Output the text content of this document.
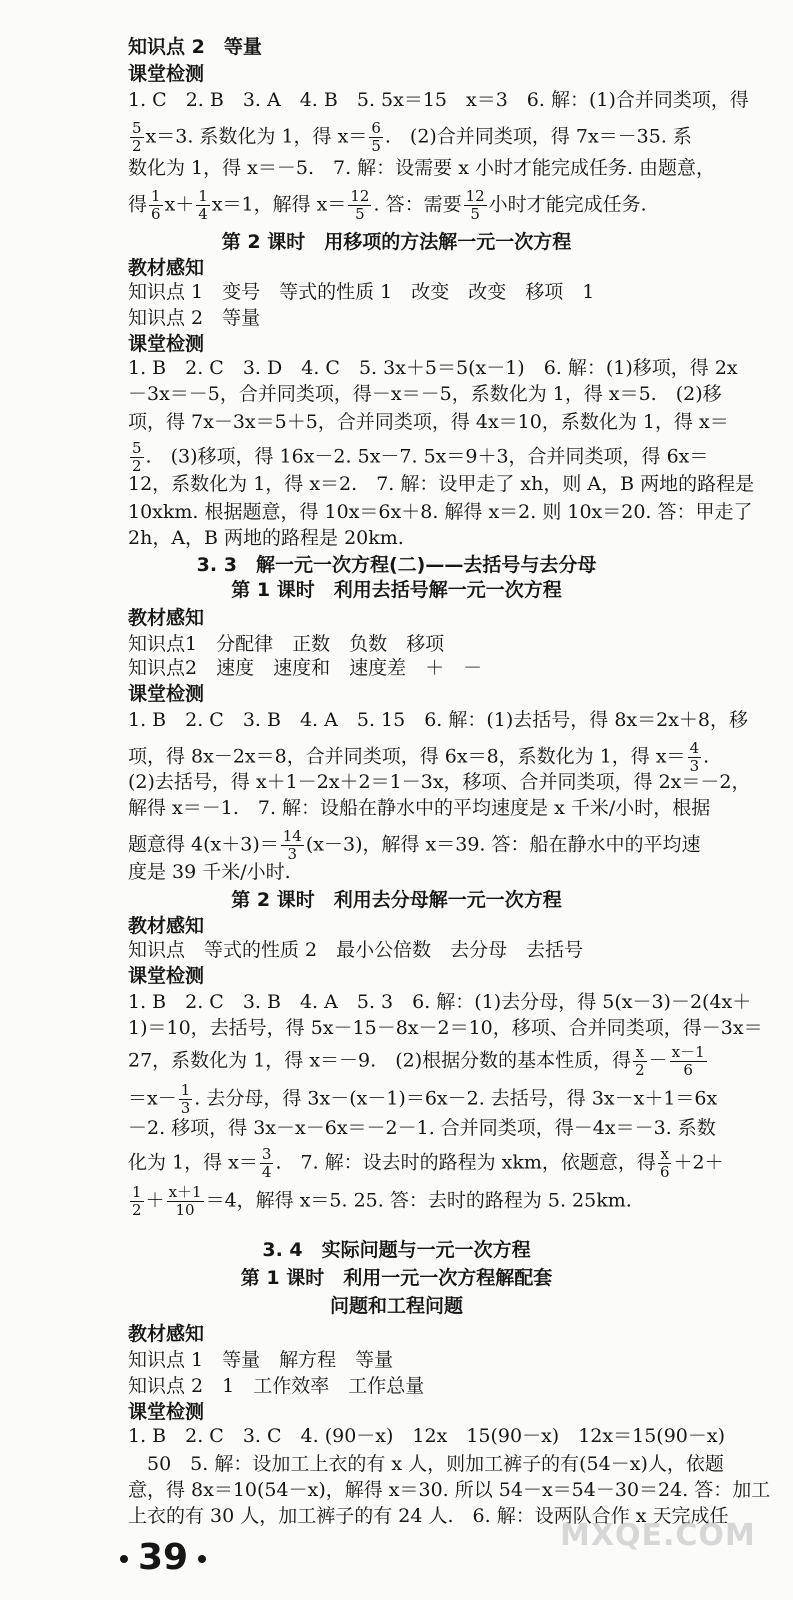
知识点 2　等量
课堂检测
1. C　2. B　3. A　4. B　5. 5x＝15　x＝3　6. 解：(1)合并同类项，得
$\frac{5}{2} x=3$. 系数化为 1，得 $x= \frac{6}{5}$ .　(2)合并同类项，得 7x＝－35. 系
数化为 1，得 x＝－5.　7. 解：设需要 x 小时才能完成任务. 由题意，
得 $\frac{1}{6} x+ \frac{1}{4} x=1$，解得 $x= \frac{12}{5}$ . 答：需要 $\frac{12}{5}$ 小时才能完成任务.
第 2 课时　用移项的方法解一元一次方程
教材感知
知识点 1　变号　等式的性质 1　改变　改变　移项　1
知识点 2　等量
课堂检测
1. B　2. C　3. D　4. C　5. 3x＋5＝5(x－1)　6. 解：(1)移项，得 2x
－3x＝－5，合并同类项，得－x＝－5，系数化为 1，得 x＝5.　(2)移
项，得 7x－3x＝5＋5，合并同类项，得 4x＝10，系数化为 1，得 x＝
$\frac{5}{2}$ .　(3)移项，得 16x－2. 5x－7. 5x＝9＋3，合并同类项，得 6x＝
12，系数化为 1，得 x＝2.　7. 解：设甲走了 xh，则 A，B 两地的路程是
10xkm. 根据题意，得 10x＝6x＋8. 解得 x＝2. 则 10x＝20. 答：甲走了
2h，A，B 两地的路程是 20km.
3. 3　解一元一次方程(二)——去括号与去分母
第 1 课时　利用去括号解一元一次方程
教材感知
知识点1　分配律　正数　负数　移项
知识点2　速度　速度和　速度差　＋　－
课堂检测
1. B　2. C　3. B　4. A　5. 15　6. 解：(1)去括号，得 8x＝2x＋8，移
项，得 8x－2x＝8，合并同类项，得 6x＝8，系数化为 1，得 $x= \frac{4}{3}$ .
(2)去括号，得 x＋1－2x＋2＝1－3x，移项、合并同类项，得 2x＝－2，
解得 x＝－1.　7. 解：设船在静水中的平均速度是 x 千米/小时，根据
题意得 $4(x+3)= \frac{14}{3} (x-3)$，解得 x＝39. 答：船在静水中的平均速
度是 39 千米/小时.
第 2 课时　利用去分母解一元一次方程
教材感知
知识点　等式的性质 2　最小公倍数　去分母　去括号
课堂检测
1. B　2. C　3. B　4. A　5. 3　6. 解：(1)去分母，得 5(x－3)－2(4x＋
1)＝10，去括号，得 5x－15－8x－2＝10，移项、合并同类项，得－3x＝
27，系数化为 1，得 x＝－9.　(2)根据分数的基本性质，得 $\frac{x}{2} - \frac{x-1}{6}$
$=x- \frac{1}{3}$ . 去分母，得 3x－(x－1)＝6x－2. 去括号，得 3x－x＋1＝6x
－2. 移项，得 3x－x－6x＝－2－1. 合并同类项，得－4x＝－3. 系数
化为 1，得 $x= \frac{3}{4}$ .　7. 解：设去时的路程为 xkm，依题意，得 $\frac{x}{6} +2+$
$\frac{1}{2} + \frac{x+1}{10} =4$，解得 x＝5. 25. 答：去时的路程为 5. 25km.
3. 4　实际问题与一元一次方程
第 1 课时　利用一元一次方程解配套
问题和工程问题
教材感知
知识点 1　等量　解方程　等量
知识点 2　1　工作效率　工作总量
课堂检测
1. B　2. C　3. C　4. (90－x)　12x　15(90－x)　12x＝15(90－x)
　50　5. 解：设加工上衣的有 x 人，则加工裤子的有(54－x)人，依题
意，得 8x＝10(54－x)，解得 x＝30. 所以 54－x＝54－30＝24. 答：加工
上衣的有 30 人，加工裤子的有 24 人.　6. 解：设两队合作 x 天完成任
39
MXQE.COM
